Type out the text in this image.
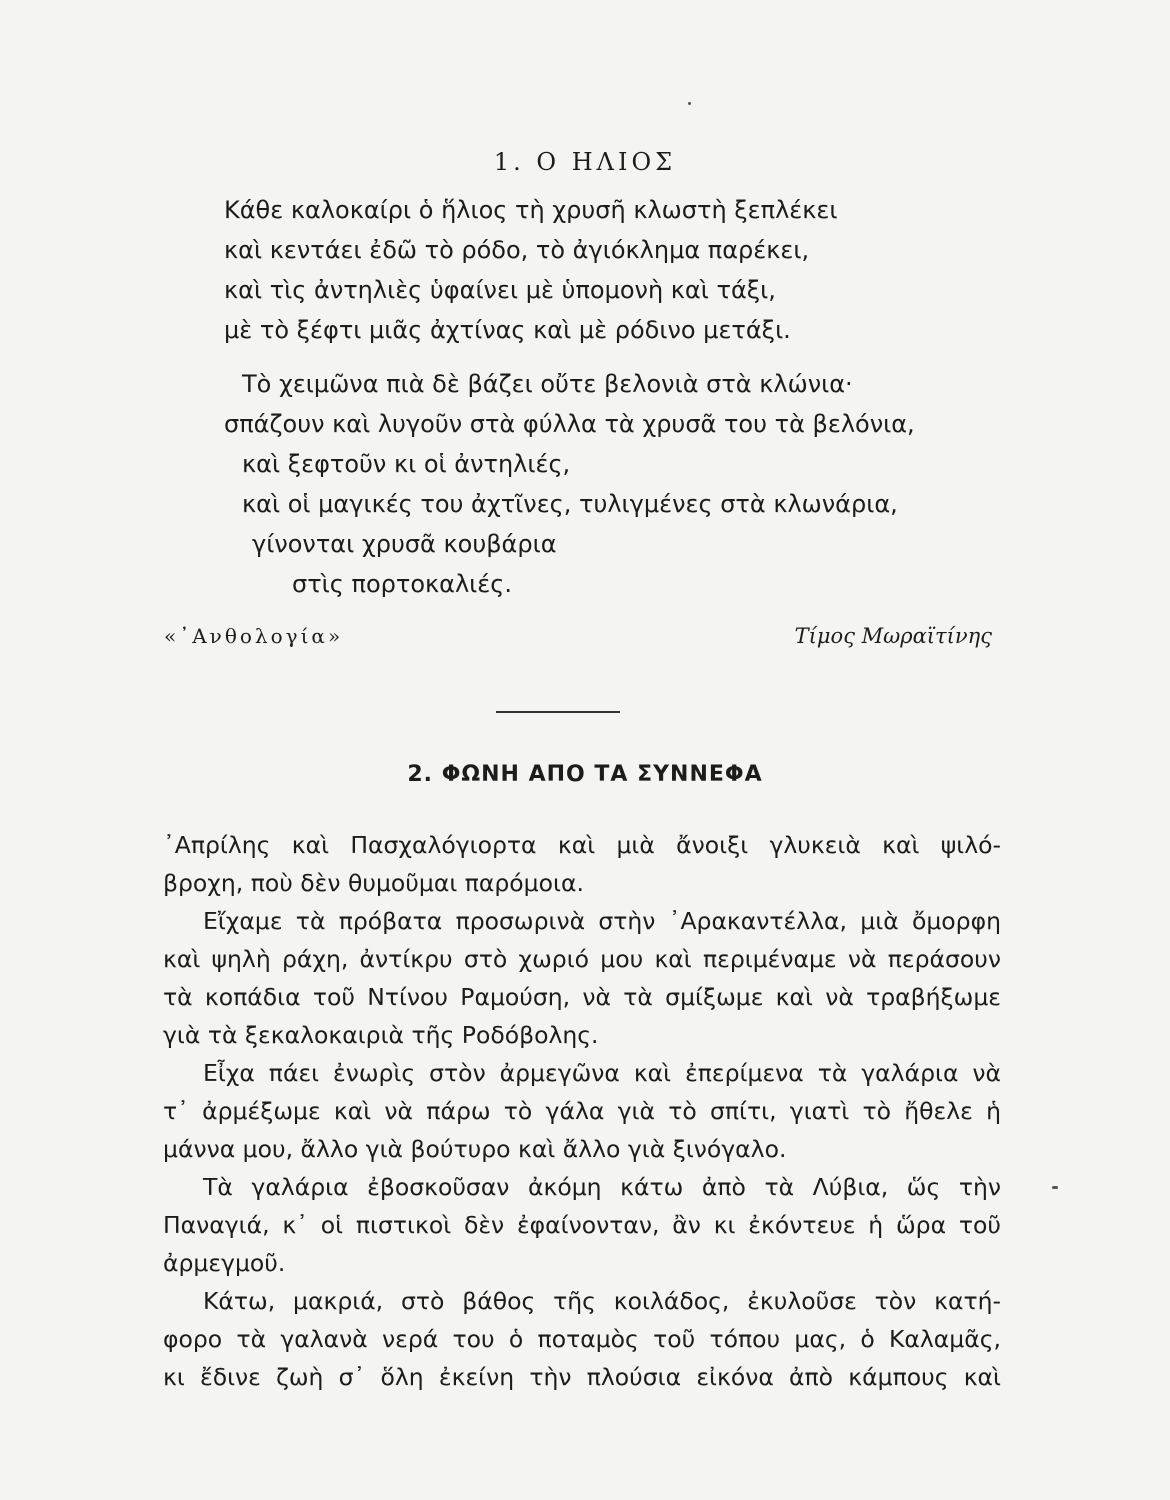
1. Ο ΗΛΙΟΣ
Κάθε καλοκαίρι ὁ ἥλιος τὴ χρυσῆ κλωστὴ ξεπλέκει
καὶ κεντάει ἐδῶ τὸ ρόδο, τὸ ἀγιόκλημα παρέκει,
καὶ τὶς ἀντηλιὲς ὑφαίνει μὲ ὑπομονὴ καὶ τάξι,
μὲ τὸ ξέφτι μιᾶς ἀχτίνας καὶ μὲ ρόδινο μετάξι.
Τὸ χειμῶνα πιὰ δὲ βάζει οὔτε βελονιὰ στὰ κλώνια·
σπάζουν καὶ λυγοῦν στὰ φύλλα τὰ χρυσᾶ του τὰ βελόνια,
καὶ ξεφτοῦν κι οἱ ἀντηλιές,
καὶ οἱ μαγικές του ἀχτῖνες, τυλιγμένες στὰ κλωνάρια,
γίνονται χρυσᾶ κουβάρια
στὶς πορτοκαλιές.
«᾿Ανθολογία»	Τίμος Μωραϊτίνης
2. ΦΩΝΗ ΑΠΟ ΤΑ ΣΥΝΝΕΦΑ
᾿Απρίλης καὶ Πασχαλόγιορτα καὶ μιὰ ἄνοιξι γλυκειὰ καὶ ψιλό-
βροχη, ποὺ δὲν θυμοῦμαι παρόμοια.
Εἴχαμε τὰ πρόβατα προσωρινὰ στὴν ᾿Αρακαντέλλα, μιὰ ὄμορφη
καὶ ψηλὴ ράχη, ἀντίκρυ στὸ χωριό μου καὶ περιμέναμε νὰ περάσουν
τὰ κοπάδια τοῦ Ντίνου Ραμούση, νὰ τὰ σμίξωμε καὶ νὰ τραβήξωμε
γιὰ τὰ ξεκαλοκαιριὰ τῆς Ροδόβολης.
Εἶχα πάει ἐνωρὶς στὸν ἀρμεγῶνα καὶ ἐπερίμενα τὰ γαλάρια νὰ
τ᾿ ἀρμέξωμε καὶ νὰ πάρω τὸ γάλα γιὰ τὸ σπίτι, γιατὶ τὸ ἤθελε ἡ
μάννα μου, ἄλλο γιὰ βούτυρο καὶ ἄλλο γιὰ ξινόγαλο.
Τὰ γαλάρια ἐβοσκοῦσαν ἀκόμη κάτω ἀπὸ τὰ Λύβια, ὥς τὴν
Παναγιά, κ᾿ οἱ πιστικοὶ δὲν ἐφαίνονταν, ἂν κι ἐκόντευε ἡ ὥρα τοῦ
ἀρμεγμοῦ.
Κάτω, μακριά, στὸ βάθος τῆς κοιλάδος, ἐκυλοῦσε τὸν κατή-
φορο τὰ γαλανὰ νερά του ὁ ποταμὸς τοῦ τόπου μας, ὁ Καλαμᾶς,
κι ἔδινε ζωὴ σ᾿ ὅλη ἐκείνη τὴν πλούσια εἰκόνα ἀπὸ κάμπους καὶ
